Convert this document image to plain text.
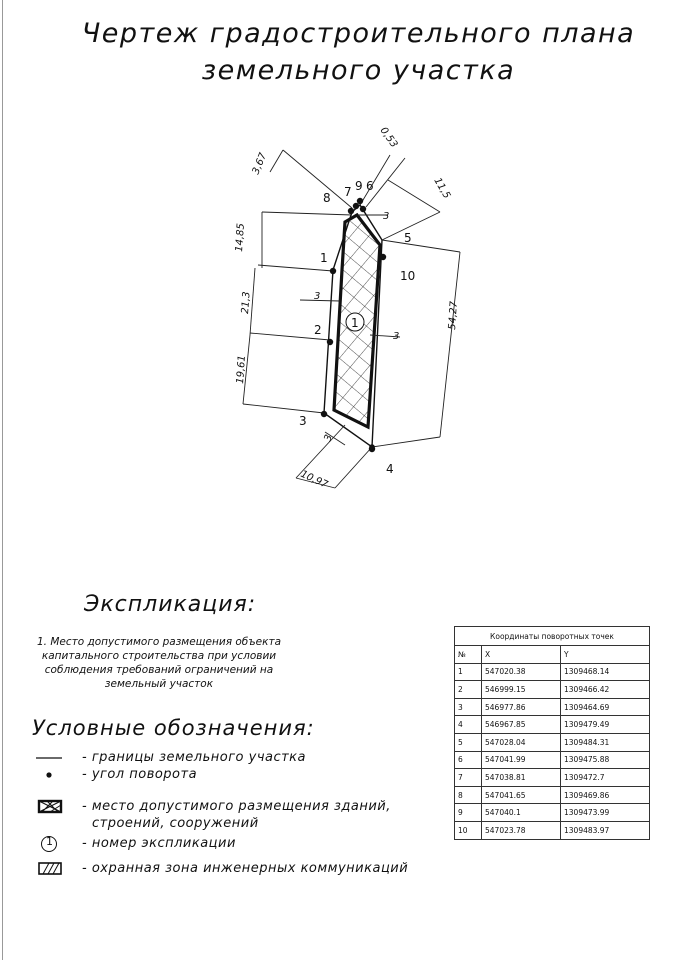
Чертеж градостроительного плана
земельного участка
1
2
3
4
5
6
7
8
9
10
1
3,67
0,53
11,5
14,85
21,3
19,61
54,27
10,97
3
3
3
3
Экспликация:
1. Место допустимого размещения объекта капитального строительства при условии соблюдения требований ограничений на земельный участок
Условные обозначения:
- границы земельного участка
- угол поворота
- место допустимого размещения зданий,
строений, сооружений
1 - номер экспликации
- охранная зона инженерных коммуникаций
Координаты поворотных точек		
№	X	Y
1	547020.38	1309468.14
2	546999.15	1309466.42
3	546977.86	1309464.69
4	546967.85	1309479.49
5	547028.04	1309484.31
6	547041.99	1309475.88
7	547038.81	1309472.7
8	547041.65	1309469.86
9	547040.1	1309473.99
10	547023.78	1309483.97
